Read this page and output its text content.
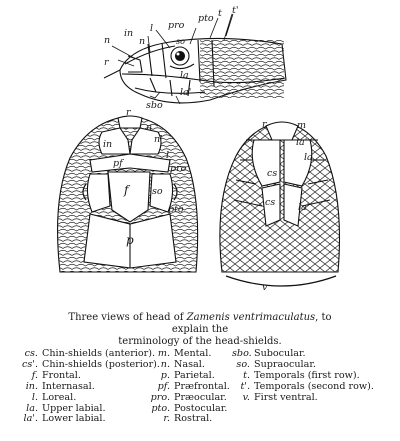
n
in
n
l pro
pto t t'
r
so
la
la'
sbo
r
n
in	n'
l
pf	pro
f so
pto
p
r	m
la'
la
cs
cs la'
v
Three views of head of Zamenis ventrimaculatus, to explain the
terminology of the head-shields.
cs. Chin-shields (anterior).
cs'. Chin-shields (posterior).
f. Frontal.
in. Internasal.
l. Loreal.
la. Upper labial.
la'. Lower labial.
m. Mental.
n. Nasal.
p. Parietal.
pf. Præfrontal.
pro. Præocular.
pto. Postocular.
r. Rostral.
sbo. Subocular.
so. Supraocular.
t. Temporals (first row).
t'. Temporals (second row).
v. First ventral.
